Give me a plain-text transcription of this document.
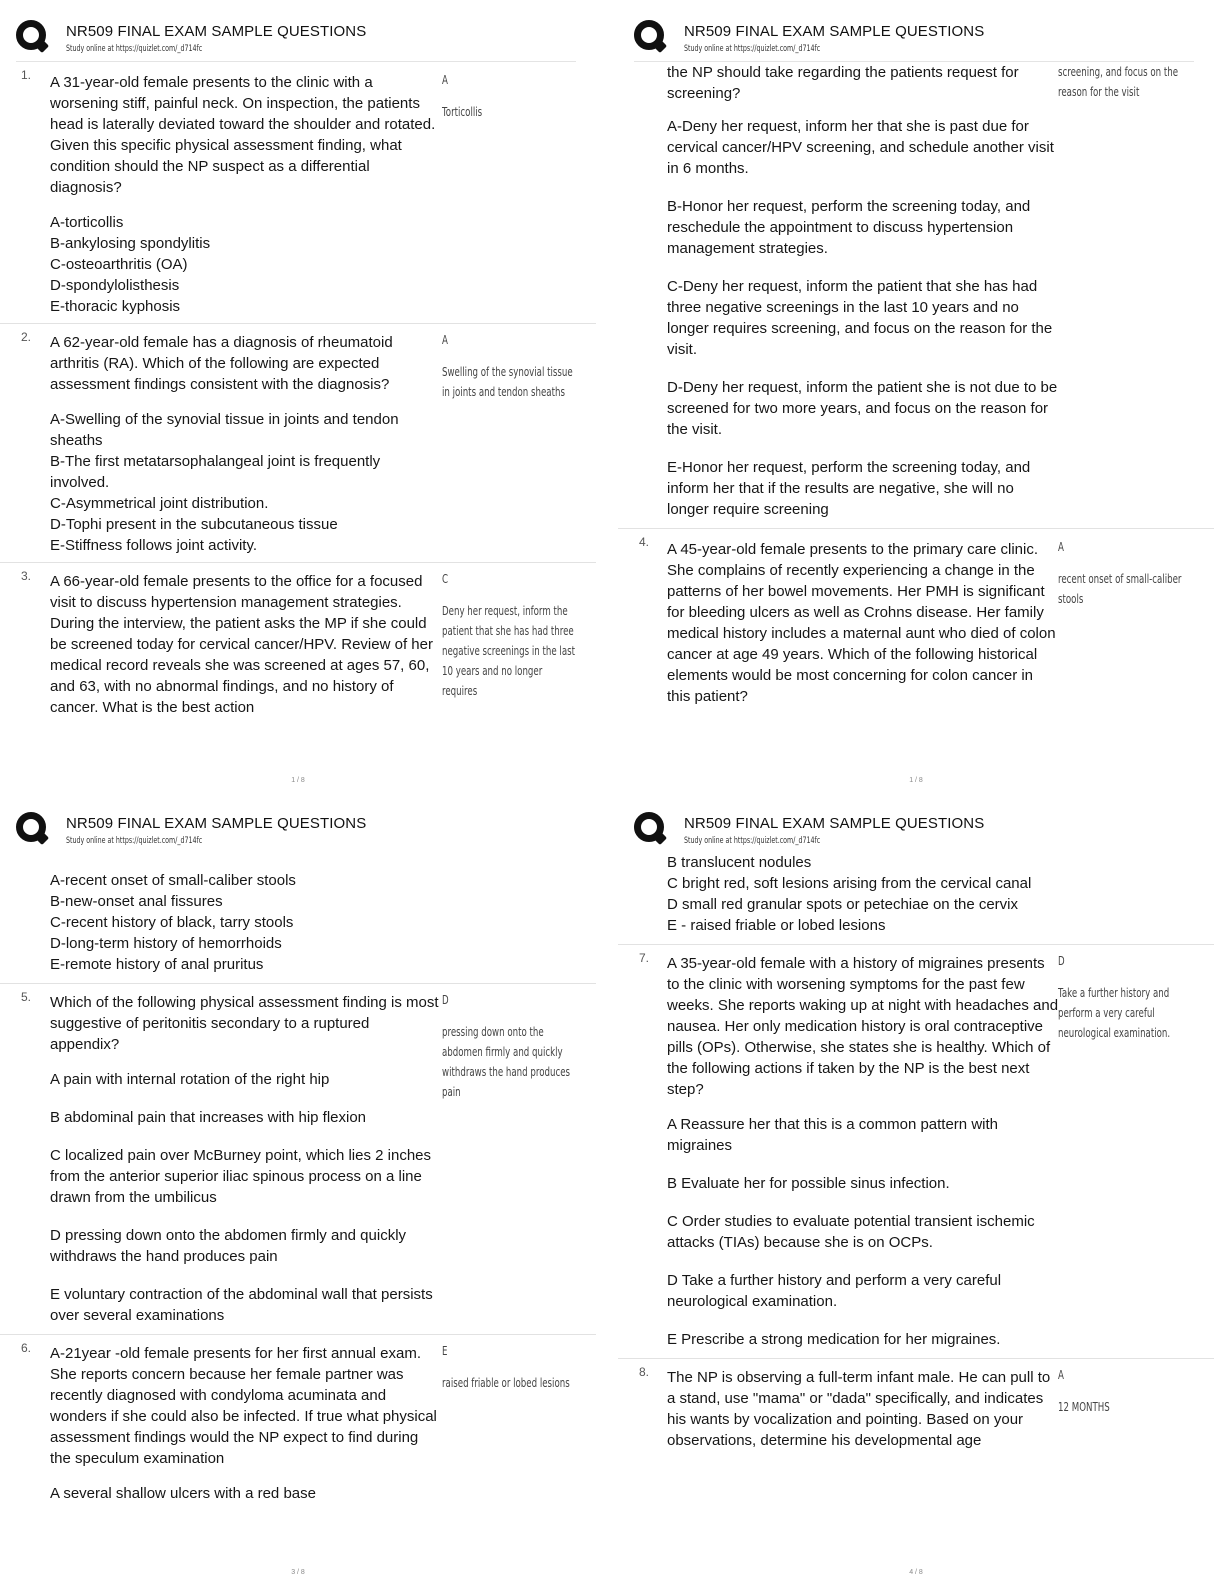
NR509 FINAL EXAM SAMPLE QUESTIONS
Study online at https://quizlet.com/_d714fc
1. A 31-year-old female presents to the clinic with a worsening stiff, painful neck. On inspection, the patients head is laterally deviated toward the shoulder and rotated. Given this specific physical assessment finding, what condition should the NP suspect as a differential diagnosis?
A-torticollis
B-ankylosing spondylitis
C-osteoarthritis (OA)
D-spondylolisthesis
E-thoracic kyphosis
A
Torticollis
2. A 62-year-old female has a diagnosis of rheumatoid arthritis (RA). Which of the following are expected assessment findings consistent with the diagnosis?
A-Swelling of the synovial tissue in joints and tendon sheaths
B-The first metatarsophalangeal joint is frequently involved.
C-Asymmetrical joint distribution.
D-Tophi present in the subcutaneous tissue
E-Stiffness follows joint activity.
A
Swelling of the synovial tissue in joints and tendon sheaths
3. A 66-year-old female presents to the office for a focused visit to discuss hypertension management strategies. During the interview, the patient asks the MP if she could be screened today for cervical cancer/HPV. Review of her medical record reveals she was screened at ages 57, 60, and 63, with no abnormal findings, and no history of cancer. What is the best action
C
Deny her request, inform the patient that she has had three negative screenings in the last 10 years and no longer requires
1 / 8
NR509 FINAL EXAM SAMPLE QUESTIONS
Study online at https://quizlet.com/_d714fc
the NP should take regarding the patients request for screening?
A-Deny her request, inform her that she is past due for cervical cancer/HPV screening, and schedule another visit in 6 months.
B-Honor her request, perform the screening today, and reschedule the appointment to discuss hypertension management strategies.
C-Deny her request, inform the patient that she has had three negative screenings in the last 10 years and no longer requires screening, and focus on the reason for the visit.
D-Deny her request, inform the patient she is not due to be screened for two more years, and focus on the reason for the visit.
E-Honor her request, perform the screening today, and inform her that if the results are negative, she will no longer require screening
screening, and focus on the reason for the visit
4. A 45-year-old female presents to the primary care clinic. She complains of recently experiencing a change in the patterns of her bowel movements. Her PMH is significant for bleeding ulcers as well as Crohns disease. Her family medical history includes a maternal aunt who died of colon cancer at age 49 years. Which of the following historical elements would be most concerning for colon cancer in this patient?
A
recent onset of small-caliber stools
1 / 8
NR509 FINAL EXAM SAMPLE QUESTIONS
Study online at https://quizlet.com/_d714fc
A-recent onset of small-caliber stools
B-new-onset anal fissures
C-recent history of black, tarry stools
D-long-term history of hemorrhoids
E-remote history of anal pruritus
5. Which of the following physical assessment finding is most suggestive of peritonitis secondary to a ruptured appendix?
A pain with internal rotation of the right hip
B abdominal pain that increases with hip flexion
C localized pain over McBurney point, which lies 2 inches from the anterior superior iliac spinous process on a line drawn from the umbilicus
D pressing down onto the abdomen firmly and quickly withdraws the hand produces pain
E voluntary contraction of the abdominal wall that persists over several examinations
D
pressing down onto the abdomen firmly and quickly withdraws the hand produces pain
6. A-21year -old female presents for her first annual exam. She reports concern because her female partner was recently diagnosed with condyloma acuminata and wonders if she could also be infected. If true what physical assessment findings would the NP expect to find during the speculum examination
A several shallow ulcers with a red base
E
raised friable or lobed lesions
3 / 8
NR509 FINAL EXAM SAMPLE QUESTIONS
Study online at https://quizlet.com/_d714fc
B translucent nodules
C bright red, soft lesions arising from the cervical canal
D small red granular spots or petechiae on the cervix
E - raised friable or lobed lesions
7. A 35-year-old female with a history of migraines presents to the clinic with worsening symptoms for the past few weeks. She reports waking up at night with headaches and nausea. Her only medication history is oral contraceptive pills (OPs). Otherwise, she states she is healthy. Which of the following actions if taken by the NP is the best next step?
A Reassure her that this is a common pattern with migraines
B Evaluate her for possible sinus infection.
C Order studies to evaluate potential transient ischemic attacks (TIAs) because she is on OCPs.
D Take a further history and perform a very careful neurological examination.
E Prescribe a strong medication for her migraines.
D
Take a further history and perform a very careful neurological examination.
8. The NP is observing a full-term infant male. He can pull to a stand, use "mama" or "dada" specifically, and indicates his wants by vocalization and pointing. Based on your observations, determine his developmental age
A
12 MONTHS
4 / 8
